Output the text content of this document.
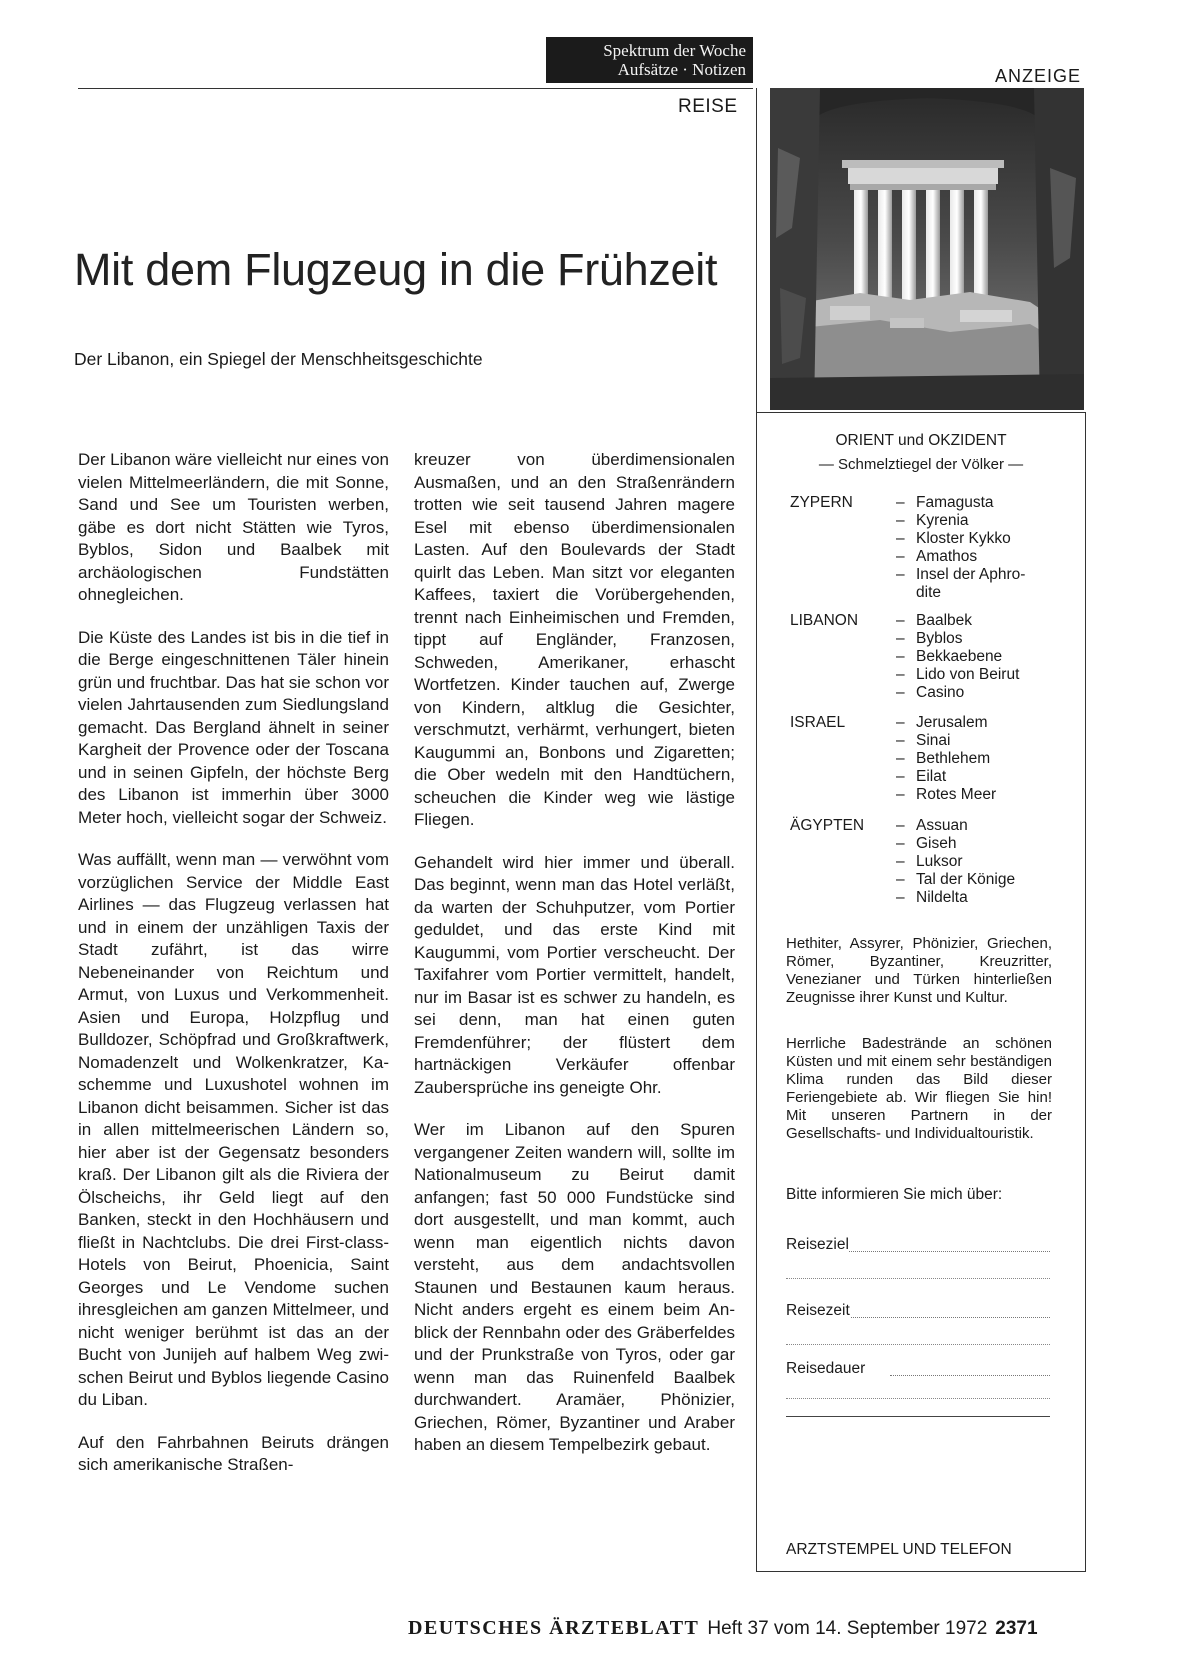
Spektrum der Woche
Aufsätze · Notizen	ANZEIGE
REISE
Mit dem Flugzeug in die Frühzeit
Der Libanon, ein Spiegel der Menschheitsgeschichte

Der Libanon wäre vielleicht nur eines von vielen Mittelmeerländern, die mit Sonne, Sand und See um Touristen werben, gäbe es dort nicht Stätten wie Tyros, Byblos, Sidon und Baalbek mit archäologischen Fundstätten ohnegleichen.

Die Küste des Landes ist bis in die tief in die Berge eingeschnittenen Täler hinein grün und fruchtbar. Das hat sie schon vor vielen Jahrtausenden zum Siedlungsland gemacht. Das Bergland ähnelt in seiner Kargheit der Provence oder der Toscana und in seinen Gipfeln, der höchste Berg des Libanon ist immerhin über 3000 Meter hoch, vielleicht sogar der Schweiz.

Was auffällt, wenn man — verwöhnt vom vorzüglichen Service der Middle East Airlines — das Flugzeug verlassen hat und in einem der unzähligen Taxis der Stadt zufährt, ist das wirre Nebeneinander von Reichtum und Armut, von Luxus und Verkommenheit. Asien und Europa, Holzpflug und Bulldozer, Schöpfrad und Großkraftwerk, Nomadenzelt und Wolkenkratzer, Kaschemme und Luxushotel wohnen im Libanon dicht beisammen. Sicher ist das in allen mittelmeerischen Ländern so, hier aber ist der Gegensatz besonders kraß. Der Libanon gilt als die Riviera der Ölscheichs, ihr Geld liegt auf den Banken, steckt in den Hochhäusern und fließt in Nachtclubs. Die drei First-class-Hotels von Beirut, Phoenicia, Saint Georges und Le Vendome suchen ihresgleichen am ganzen Mittelmeer, und nicht weniger berühmt ist das an der Bucht von Junijeh auf halbem Weg zwischen Beirut und Byblos liegende Casino du Liban.

Auf den Fahrbahnen Beiruts drängen sich amerikanische Straßen-

kreuzer von überdimensionalen Ausmaßen, und an den Straßenrändern trotten wie seit tausend Jahren magere Esel mit ebenso überdimensionalen Lasten. Auf den Boulevards der Stadt quirlt das Leben. Man sitzt vor eleganten Kaffees, taxiert die Vorübergehenden, trennt nach Einheimischen und Fremden, tippt auf Engländer, Franzosen, Schweden, Amerikaner, erhascht Wortfetzen. Kinder tauchen auf, Zwerge von Kindern, altklug die Gesichter, verschmutzt, verhärmt, verhungert, bieten Kaugummi an, Bonbons und Zigaretten; die Ober wedeln mit den Handtüchern, scheuchen die Kinder weg wie lästige Fliegen.

Gehandelt wird hier immer und überall. Das beginnt, wenn man das Hotel verläßt, da warten der Schuhputzer, vom Portier geduldet, und das erste Kind mit Kaugummi, vom Portier verscheucht. Der Taxifahrer vom Portier vermittelt, handelt, nur im Basar ist es schwer zu handeln, es sei denn, man hat einen guten Fremdenführer; der flüstert dem hartnäckigen Verkäufer offenbar Zaubersprüche ins geneigte Ohr.

Wer im Libanon auf den Spuren vergangener Zeiten wandern will, sollte im Nationalmuseum zu Beirut damit anfangen; fast 50 000 Fundstücke sind dort ausgestellt, und man kommt, auch wenn man eigentlich nichts davon versteht, aus dem andachtsvollen Staunen und Bestaunen kaum heraus. Nicht anders ergeht es einem beim Anblick der Rennbahn oder des Gräberfeldes und der Prunkstraße von Tyros, oder gar wenn man das Ruinenfeld Baalbek durchwandert. Aramäer, Phönizier, Griechen, Römer, Byzantiner und Araber haben an diesem Tempelbezirk gebaut.

ORIENT und OKZIDENT
— Schmelztiegel der Völker —
ZYPERN	– Famagusta
– Kyrenia
– Kloster Kykko
– Amathos
– Insel der Aphro-
dite
LIBANON – Baalbek
– Byblos
– Bekkaebene
– Lido von Beirut
– Casino
ISRAEL	– Jerusalem
– Sinai
– Bethlehem
– Eilat
– Rotes Meer
ÄGYPTEN – Assuan
– Giseh
– Luksor
– Tal der Könige
– Nildelta
Hethiter, Assyrer, Phönizier, Griechen, Römer, Byzantiner, Kreuzritter, Venezianer und Türken hinterließen Zeugnisse ihrer Kunst und Kultur.
Herrliche Badestrände an schönen Küsten und mit einem sehr beständigen Klima runden das Bild dieser Feriengebiete ab. Wir fliegen Sie hin! Mit unseren Partnern in der Gesellschafts- und Individualtouristik.
Bitte informieren Sie mich über:
Reiseziel
Reisezeit
Reisedauer
ARZTSTEMPEL UND TELEFON
DEUTSCHES ÄRZTEBLATT Heft 37 vom 14. September 1972 2371
